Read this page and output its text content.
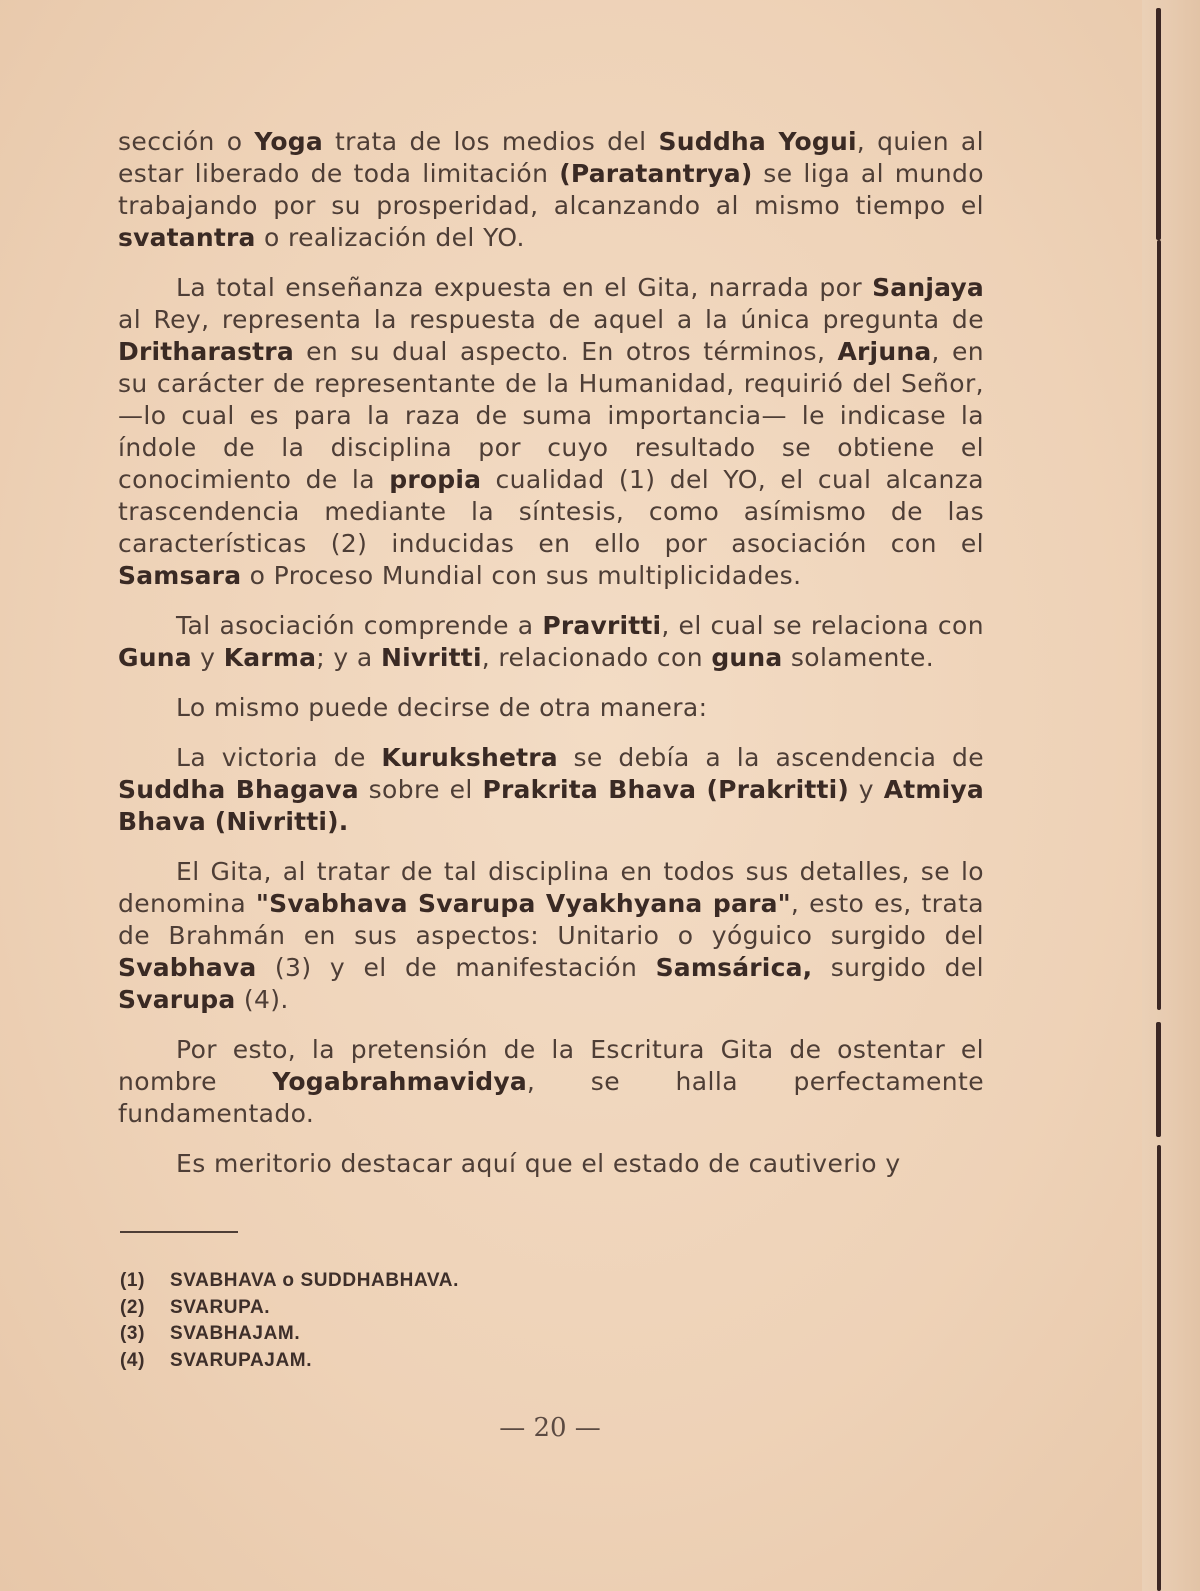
sección o Yoga trata de los medios del Suddha Yogui, quien al estar liberado de toda limitación (Paratantrya) se liga al mundo trabajando por su prosperidad, alcanzando al mismo tiempo el svatantra o realización del YO.

La total enseñanza expuesta en el Gita, narrada por Sanjaya al Rey, representa la respuesta de aquel a la única pregunta de Dritharastra en su dual aspecto. En otros términos, Arjuna, en su carácter de representante de la Humanidad, requirió del Señor, —lo cual es para la raza de suma importancia— le indicase la índole de la disciplina por cuyo resultado se obtiene el conocimiento de la propia cualidad (1) del YO, el cual alcanza trascendencia mediante la síntesis, como asímismo de las características (2) inducidas en ello por asociación con el Samsara o Proceso Mundial con sus multiplicidades.

Tal asociación comprende a Pravritti, el cual se relaciona con Guna y Karma; y a Nivritti, relacionado con guna solamente.

Lo mismo puede decirse de otra manera:

La victoria de Kurukshetra se debía a la ascendencia de Suddha Bhagava sobre el Prakrita Bhava (Prakritti) y Atmiya Bhava (Nivritti).

El Gita, al tratar de tal disciplina en todos sus detalles, se lo denomina "Svabhava Svarupa Vyakhyana para", esto es, trata de Brahmán en sus aspectos: Unitario o yóguico surgido del Svabhava (3) y el de manifestación Samsárica, surgido del Svarupa (4).

Por esto, la pretensión de la Escritura Gita de ostentar el nombre Yogabrahmavidya, se halla perfectamente fundamentado.

Es meritorio destacar aquí que el estado de cautiverio y

(1) SVABHAVA o SUDDHABHAVA.
(2) SVARUPA.
(3) SVABHAJAM.
(4) SVARUPAJAM.
— 20 —
